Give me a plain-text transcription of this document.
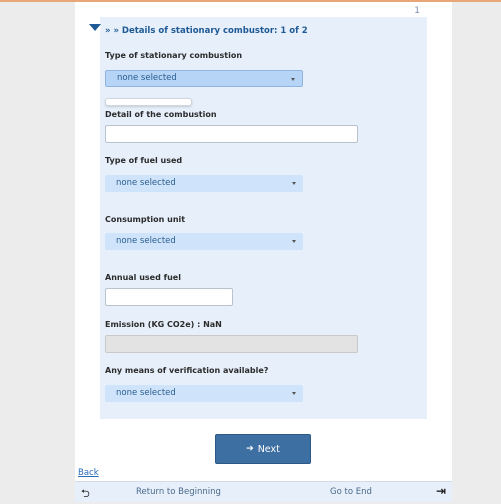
1
» » Details of stationary combustor: 1 of 2
Type of stationary combustion
none selected
Detail of the combustion
Type of fuel used
none selected
Consumption unit
none selected
Annual used fuel
Emission (KG CO2e) : NaN
Any means of verification available?
none selected
➔ Next
Back
⮌	Return to Beginning	Go to End	⇥
